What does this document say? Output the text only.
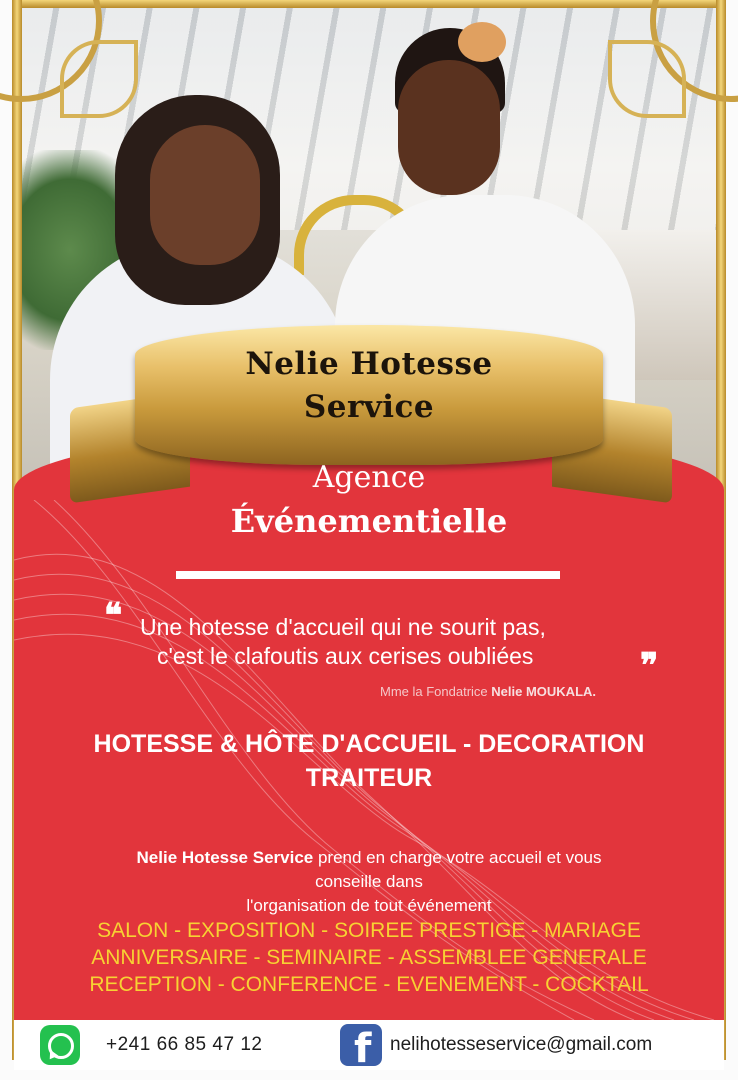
Nelie Hotesse
Service
Agence
Événementielle
❝ Une hotesse d'accueil qui ne sourit pas,
c'est le clafoutis aux cerises oubliées	❞
Mme la Fondatrice Nelie MOUKALA.
HOTESSE & HÔTE D'ACCUEIL - DECORATION
TRAITEUR
Nelie Hotesse Service prend en charge votre accueil et vous
conseille dans
l'organisation de tout événement
SALON - EXPOSITION - SOIREE PRESTIGE - MARIAGE
ANNIVERSAIRE - SEMINAIRE - ASSEMBLEE GENERALE
RECEPTION - CONFERENCE - EVENEMENT - COCKTAIL
+241 66 85 47 12 f nelihotesseservice@gmail.com
